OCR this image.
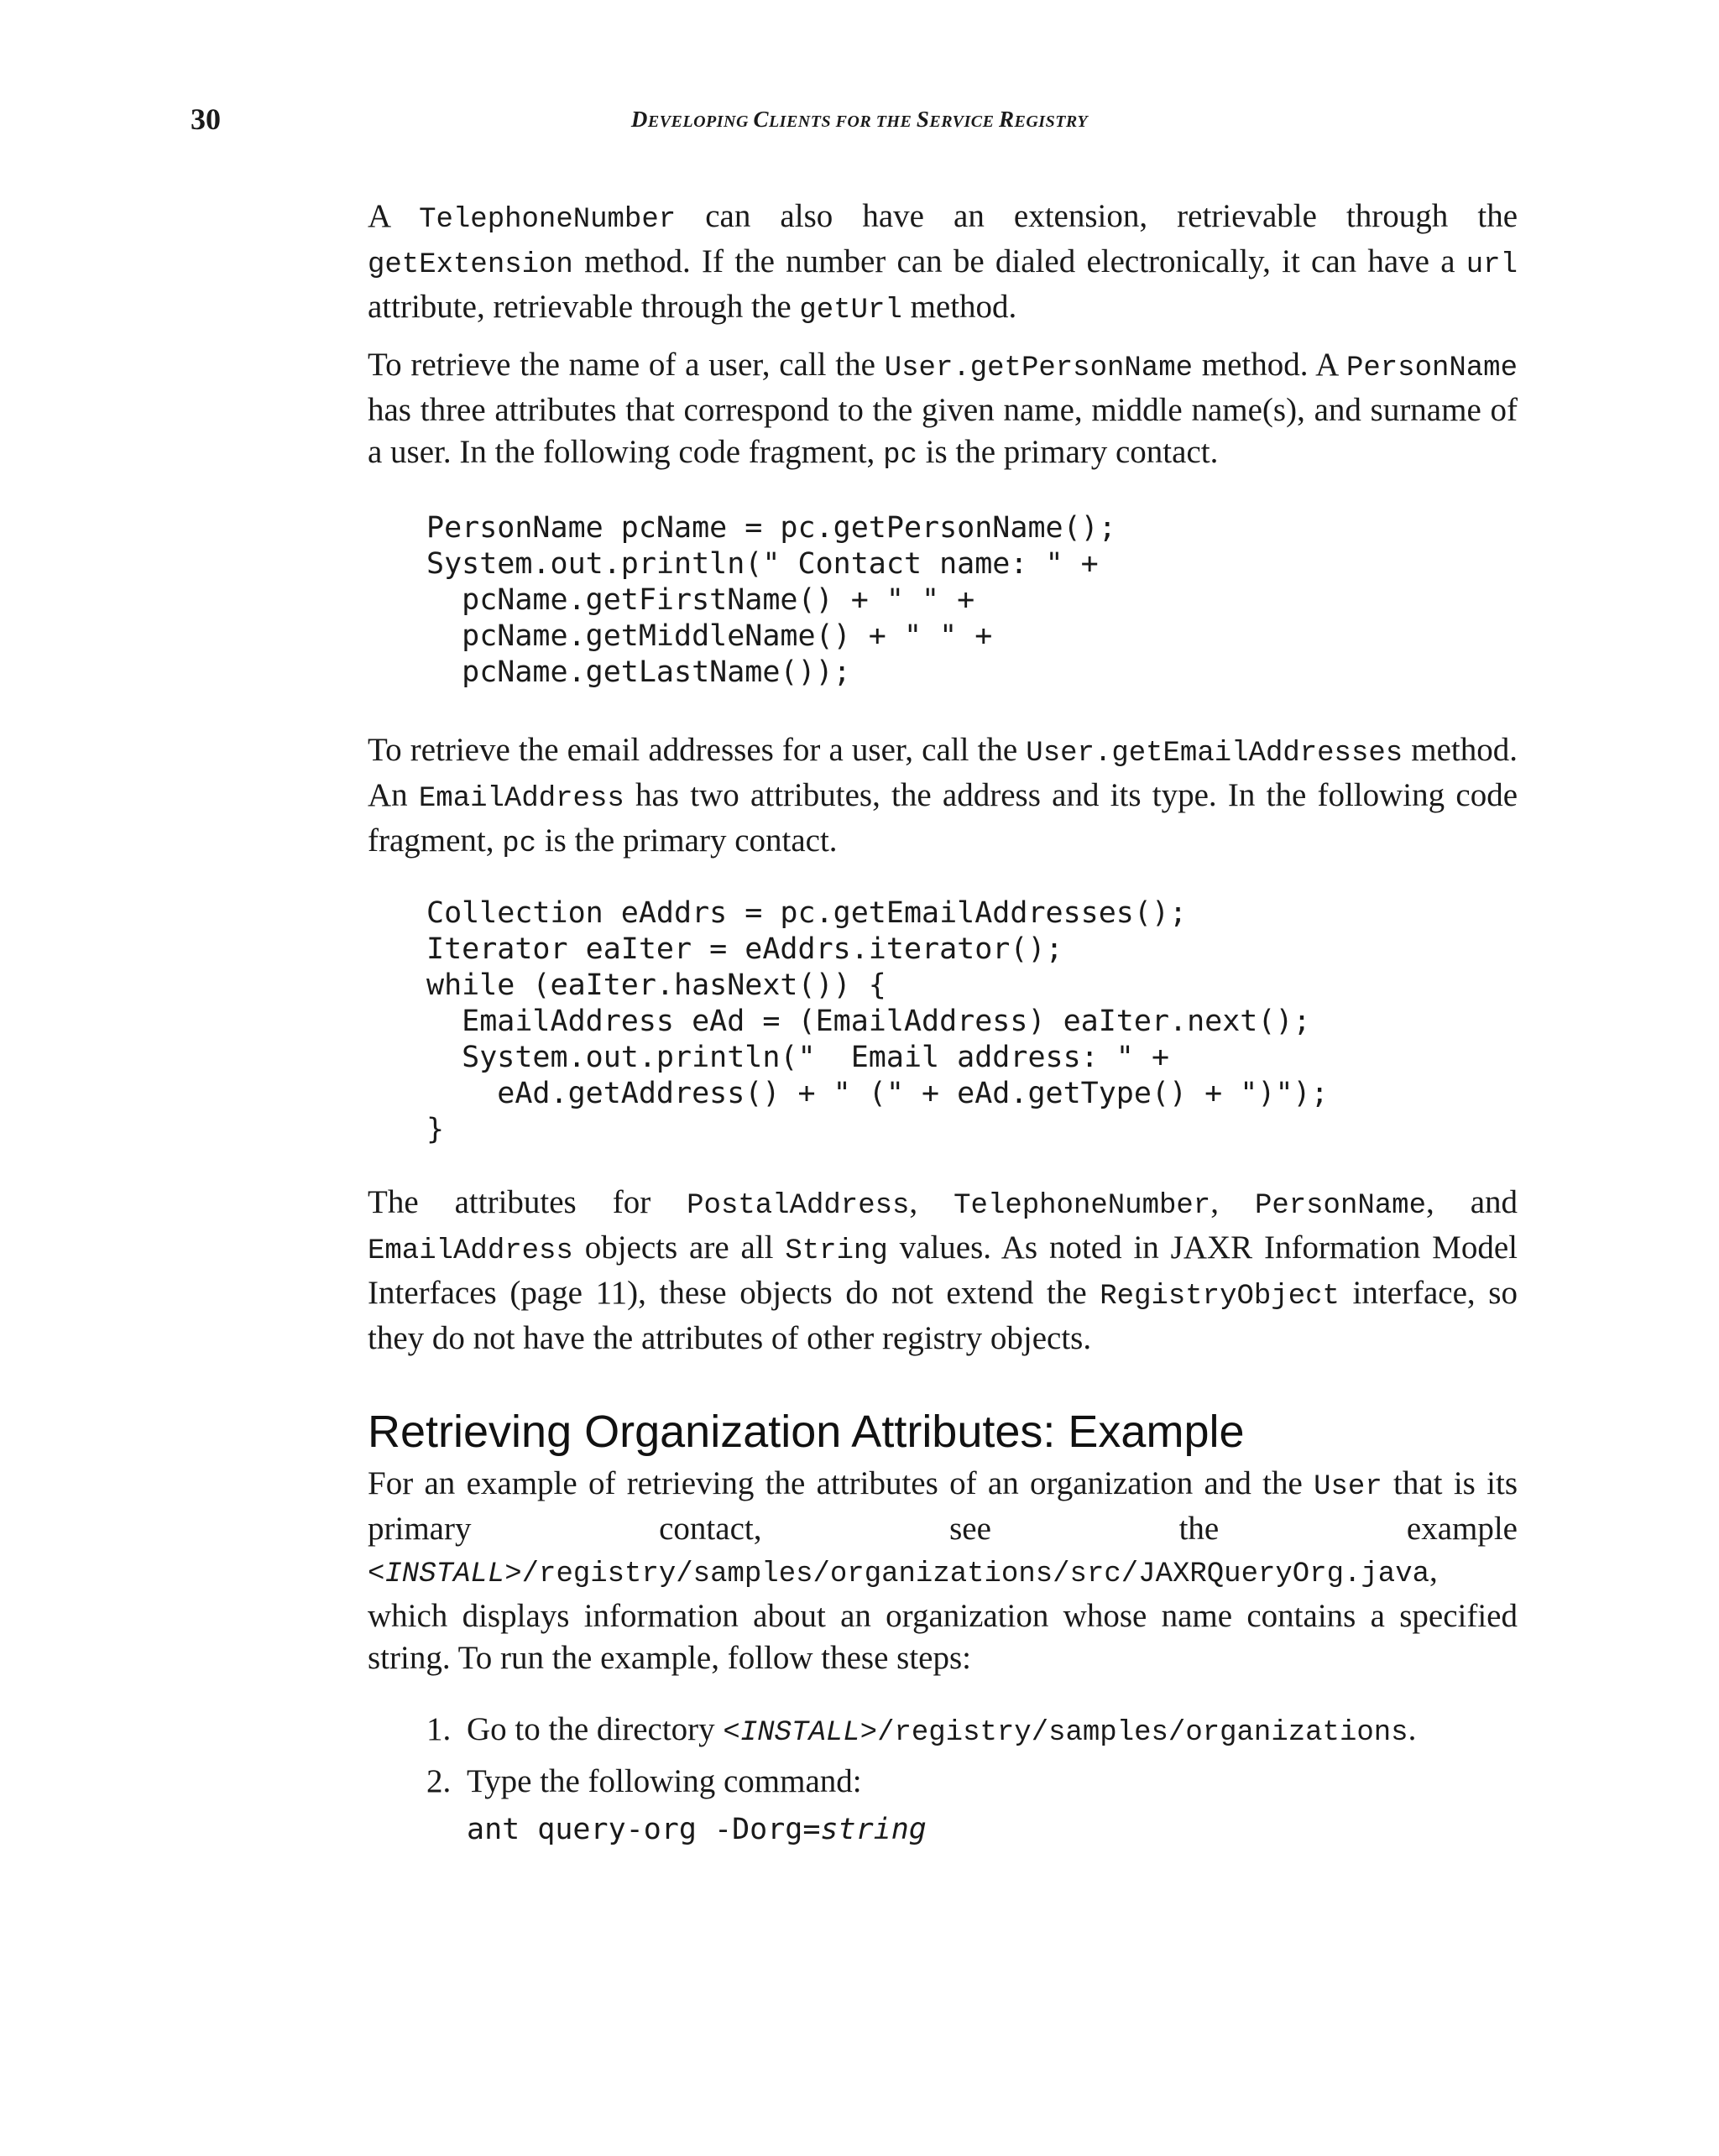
30	DEVELOPING CLIENTS FOR THE SERVICE REGISTRY

A TelephoneNumber can also have an extension, retrievable through the getExtension method. If the number can be dialed electronically, it can have a url attribute, retrievable through the getUrl method.

To retrieve the name of a user, call the User.getPersonName method. A PersonName has three attributes that correspond to the given name, middle name(s), and surname of a user. In the following code fragment, pc is the primary contact.

PersonName pcName = pc.getPersonName();
System.out.println(" Contact name: " +
pcName.getFirstName() + " " +
pcName.getMiddleName() + " " +
pcName.getLastName());

To retrieve the email addresses for a user, call the User.getEmailAddresses method. An EmailAddress has two attributes, the address and its type. In the following code fragment, pc is the primary contact.

Collection eAddrs = pc.getEmailAddresses();
Iterator eaIter = eAddrs.iterator();
while (eaIter.hasNext()) {
EmailAddress eAd = (EmailAddress) eaIter.next();
System.out.println("  Email address: " +
eAd.getAddress() + " (" + eAd.getType() + ")");
}

The attributes for PostalAddress, TelephoneNumber, PersonName, and EmailAddress objects are all String values. As noted in JAXR Information Model Interfaces (page 11), these objects do not extend the RegistryObject interface, so they do not have the attributes of other registry objects.

Retrieving Organization Attributes: Example

For an example of retrieving the attributes of an organization and the User that is its primary contact, see the example <INSTALL>/registry/samples/organizations/src/JAXRQueryOrg.java, which displays information about an organization whose name contains a specified string. To run the example, follow these steps:

1. Go to the directory <INSTALL>/registry/samples/organizations.
2. Type the following command:
ant query-org -Dorg=string
